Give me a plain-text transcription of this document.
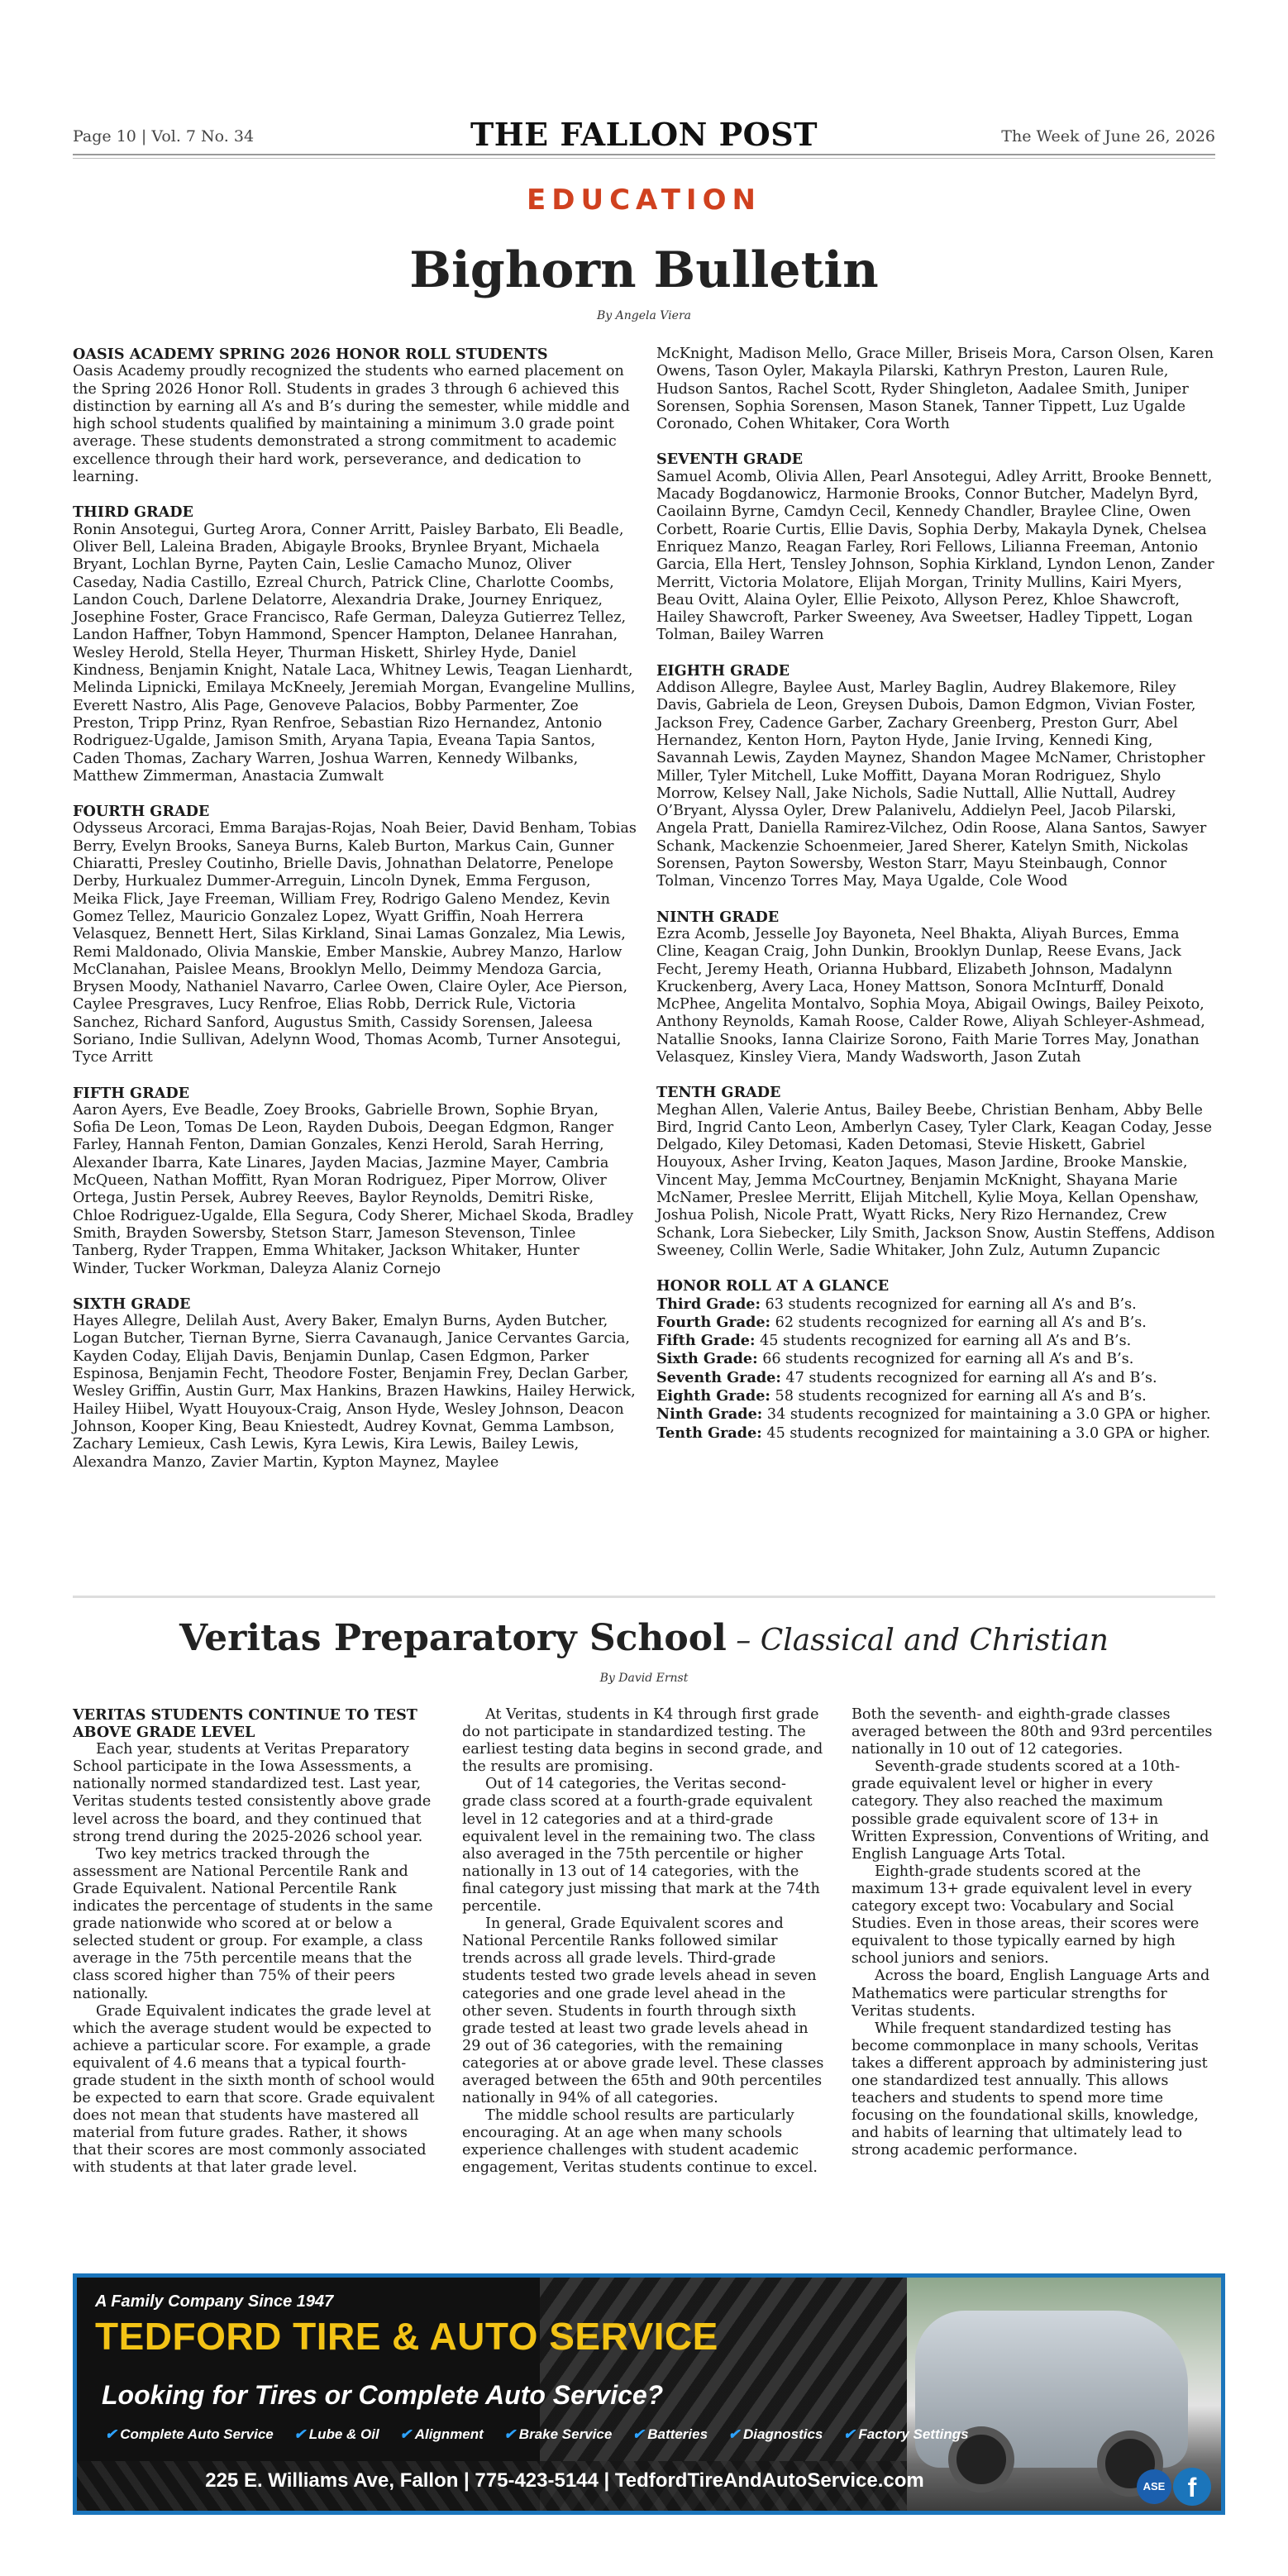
Page 10 | Vol. 7 No. 34	THE FALLON POST	The Week of June 26, 2026
EDUCATION
Bighorn Bulletin
By Angela Viera
OASIS ACADEMY SPRING 2026 HONOR ROLL STUDENTS

Oasis Academy proudly recognized the students who earned placement on the Spring 2026 Honor Roll. Students in grades 3 through 6 achieved this distinction by earning all A’s and B’s during the semester, while middle and high school students qualified by maintaining a minimum 3.0 grade point average. These students demonstrated a strong commitment to academic excellence through their hard work, perseverance, and dedication to learning.

THIRD GRADE

Ronin Ansotegui, Gurteg Arora, Conner Arritt, Paisley Barbato, Eli Beadle, Oliver Bell, Laleina Braden, Abigayle Brooks, Brynlee Bryant, Michaela Bryant, Lochlan Byrne, Payten Cain, Leslie Camacho Munoz, Oliver Caseday, Nadia Castillo, Ezreal Church, Patrick Cline, Charlotte Coombs, Landon Couch, Darlene Delatorre, Alexandria Drake, Journey Enriquez, Josephine Foster, Grace Francisco, Rafe German, Daleyza Gutierrez Tellez, Landon Haffner, Tobyn Hammond, Spencer Hampton, Delanee Hanrahan, Wesley Herold, Stella Heyer, Thurman Hiskett, Shirley Hyde, Daniel Kindness, Benjamin Knight, Natale Laca, Whitney Lewis, Teagan Lienhardt, Melinda Lipnicki, Emilaya McKneely, Jeremiah Morgan, Evangeline Mullins, Everett Nastro, Alis Page, Genoveve Palacios, Bobby Parmenter, Zoe Preston, Tripp Prinz, Ryan Renfroe, Sebastian Rizo Hernandez, Antonio Rodriguez-Ugalde, Jamison Smith, Aryana Tapia, Eveana Tapia Santos, Caden Thomas, Zachary Warren, Joshua Warren, Kennedy Wilbanks, Matthew Zimmerman, Anastacia Zumwalt

FOURTH GRADE

Odysseus Arcoraci, Emma Barajas-Rojas, Noah Beier, David Benham, Tobias Berry, Evelyn Brooks, Saneya Burns, Kaleb Burton, Markus Cain, Gunner Chiaratti, Presley Coutinho, Brielle Davis, Johnathan Delatorre, Penelope Derby, Hurkualez Dummer-Arreguin, Lincoln Dynek, Emma Ferguson, Meika Flick, Jaye Freeman, William Frey, Rodrigo Galeno Mendez, Kevin Gomez Tellez, Mauricio Gonzalez Lopez, Wyatt Griffin, Noah Herrera Velasquez, Bennett Hert, Silas Kirkland, Sinai Lamas Gonzalez, Mia Lewis, Remi Maldonado, Olivia Manskie, Ember Manskie, Aubrey Manzo, Harlow McClanahan, Paislee Means, Brooklyn Mello, Deimmy Mendoza Garcia, Brysen Moody, Nathaniel Navarro, Carlee Owen, Claire Oyler, Ace Pierson, Caylee Presgraves, Lucy Renfroe, Elias Robb, Derrick Rule, Victoria Sanchez, Richard Sanford, Augustus Smith, Cassidy Sorensen, Jaleesa Soriano, Indie Sullivan, Adelynn Wood, Thomas Acomb, Turner Ansotegui, Tyce Arritt

FIFTH GRADE

Aaron Ayers, Eve Beadle, Zoey Brooks, Gabrielle Brown, Sophie Bryan, Sofia De Leon, Tomas De Leon, Rayden Dubois, Deegan Edgmon, Ranger Farley, Hannah Fenton, Damian Gonzales, Kenzi Herold, Sarah Herring, Alexander Ibarra, Kate Linares, Jayden Macias, Jazmine Mayer, Cambria McQueen, Nathan Moffitt, Ryan Moran Rodriguez, Piper Morrow, Oliver Ortega, Justin Persek, Aubrey Reeves, Baylor Reynolds, Demitri Riske, Chloe Rodriguez-Ugalde, Ella Segura, Cody Sherer, Michael Skoda, Bradley Smith, Brayden Sowersby, Stetson Starr, Jameson Stevenson, Tinlee Tanberg, Ryder Trappen, Emma Whitaker, Jackson Whitaker, Hunter Winder, Tucker Workman, Daleyza Alaniz Cornejo

SIXTH GRADE

Hayes Allegre, Delilah Aust, Avery Baker, Emalyn Burns, Ayden Butcher, Logan Butcher, Tiernan Byrne, Sierra Cavanaugh, Janice Cervantes Garcia, Kayden Coday, Elijah Davis, Benjamin Dunlap, Casen Edgmon, Parker Espinosa, Benjamin Fecht, Theodore Foster, Benjamin Frey, Declan Garber, Wesley Griffin, Austin Gurr, Max Hankins, Brazen Hawkins, Hailey Herwick, Hailey Hiibel, Wyatt Houyoux-Craig, Anson Hyde, Wesley Johnson, Deacon Johnson, Kooper King, Beau Kniestedt, Audrey Kovnat, Gemma Lambson, Zachary Lemieux, Cash Lewis, Kyra Lewis, Kira Lewis, Bailey Lewis, Alexandra Manzo, Zavier Martin, Kypton Maynez, Maylee

McKnight, Madison Mello, Grace Miller, Briseis Mora, Carson Olsen, Karen Owens, Tason Oyler, Makayla Pilarski, Kathryn Preston, Lauren Rule, Hudson Santos, Rachel Scott, Ryder Shingleton, Aadalee Smith, Juniper Sorensen, Sophia Sorensen, Mason Stanek, Tanner Tippett, Luz Ugalde Coronado, Cohen Whitaker, Cora Worth

SEVENTH GRADE

Samuel Acomb, Olivia Allen, Pearl Ansotegui, Adley Arritt, Brooke Bennett, Macady Bogdanowicz, Harmonie Brooks, Connor Butcher, Madelyn Byrd, Caoilainn Byrne, Camdyn Cecil, Kennedy Chandler, Braylee Cline, Owen Corbett, Roarie Curtis, Ellie Davis, Sophia Derby, Makayla Dynek, Chelsea Enriquez Manzo, Reagan Farley, Rori Fellows, Lilianna Freeman, Antonio Garcia, Ella Hert, Tensley Johnson, Sophia Kirkland, Lyndon Lenon, Zander Merritt, Victoria Molatore, Elijah Morgan, Trinity Mullins, Kairi Myers, Beau Ovitt, Alaina Oyler, Ellie Peixoto, Allyson Perez, Khloe Shawcroft, Hailey Shawcroft, Parker Sweeney, Ava Sweetser, Hadley Tippett, Logan Tolman, Bailey Warren

EIGHTH GRADE

Addison Allegre, Baylee Aust, Marley Baglin, Audrey Blakemore, Riley Davis, Gabriela de Leon, Greysen Dubois, Damon Edgmon, Vivian Foster, Jackson Frey, Cadence Garber, Zachary Greenberg, Preston Gurr, Abel Hernandez, Kenton Horn, Payton Hyde, Janie Irving, Kennedi King, Savannah Lewis, Zayden Maynez, Shandon Magee McNamer, Christopher Miller, Tyler Mitchell, Luke Moffitt, Dayana Moran Rodriguez, Shylo Morrow, Kelsey Nall, Jake Nichols, Sadie Nuttall, Allie Nuttall, Audrey O’Bryant, Alyssa Oyler, Drew Palanivelu, Addielyn Peel, Jacob Pilarski, Angela Pratt, Daniella Ramirez-Vilchez, Odin Roose, Alana Santos, Sawyer Schank, Mackenzie Schoenmeier, Jared Sherer, Katelyn Smith, Nickolas Sorensen, Payton Sowersby, Weston Starr, Mayu Steinbaugh, Connor Tolman, Vincenzo Torres May, Maya Ugalde, Cole Wood

NINTH GRADE

Ezra Acomb, Jesselle Joy Bayoneta, Neel Bhakta, Aliyah Burces, Emma Cline, Keagan Craig, John Dunkin, Brooklyn Dunlap, Reese Evans, Jack Fecht, Jeremy Heath, Orianna Hubbard, Elizabeth Johnson, Madalynn Kruckenberg, Avery Laca, Honey Mattson, Sonora McInturff, Donald McPhee, Angelita Montalvo, Sophia Moya, Abigail Owings, Bailey Peixoto, Anthony Reynolds, Kamah Roose, Calder Rowe, Aliyah Schleyer-Ashmead, Natallie Snooks, Ianna Clairize Sorono, Faith Marie Torres May, Jonathan Velasquez, Kinsley Viera, Mandy Wadsworth, Jason Zutah

TENTH GRADE

Meghan Allen, Valerie Antus, Bailey Beebe, Christian Benham, Abby Belle Bird, Ingrid Canto Leon, Amberlyn Casey, Tyler Clark, Keagan Coday, Jesse Delgado, Kiley Detomasi, Kaden Detomasi, Stevie Hiskett, Gabriel Houyoux, Asher Irving, Keaton Jaques, Mason Jardine, Brooke Manskie, Vincent May, Jemma McCourtney, Benjamin McKnight, Shayana Marie McNamer, Preslee Merritt, Elijah Mitchell, Kylie Moya, Kellan Openshaw, Joshua Polish, Nicole Pratt, Wyatt Ricks, Nery Rizo Hernandez, Crew Schank, Lora Siebecker, Lily Smith, Jackson Snow, Austin Steffens, Addison Sweeney, Collin Werle, Sadie Whitaker, John Zulz, Autumn Zupancic

HONOR ROLL AT A GLANCE
Third Grade: 63 students recognized for earning all A’s and B’s.
Fourth Grade: 62 students recognized for earning all A’s and B’s.
Fifth Grade: 45 students recognized for earning all A’s and B’s.
Sixth Grade: 66 students recognized for earning all A’s and B’s.
Seventh Grade: 47 students recognized for earning all A’s and B’s.
Eighth Grade: 58 students recognized for earning all A’s and B’s.
Ninth Grade: 34 students recognized for maintaining a 3.0 GPA or higher.
Tenth Grade: 45 students recognized for maintaining a 3.0 GPA or higher.
Veritas Preparatory School – Classical and Christian
By David Ernst
VERITAS STUDENTS CONTINUE TO TEST ABOVE GRADE LEVEL

Each year, students at Veritas Preparatory School participate in the Iowa Assessments, a nationally normed standardized test. Last year, Veritas students tested consistently above grade level across the board, and they continued that strong trend during the 2025-2026 school year.

Two key metrics tracked through the assessment are National Percentile Rank and Grade Equivalent. National Percentile Rank indicates the percentage of students in the same grade nationwide who scored at or below a selected student or group. For example, a class average in the 75th percentile means that the class scored higher than 75% of their peers nationally.

Grade Equivalent indicates the grade level at which the average student would be expected to achieve a particular score. For example, a grade equivalent of 4.6 means that a typical fourth-grade student in the sixth month of school would be expected to earn that score. Grade equivalent does not mean that students have mastered all material from future grades. Rather, it shows that their scores are most commonly associated with students at that later grade level.

At Veritas, students in K4 through first grade do not participate in standardized testing. The earliest testing data begins in second grade, and the results are promising.

Out of 14 categories, the Veritas second-grade class scored at a fourth-grade equivalent level in 12 categories and at a third-grade equivalent level in the remaining two. The class also averaged in the 75th percentile or higher nationally in 13 out of 14 categories, with the final category just missing that mark at the 74th percentile.

In general, Grade Equivalent scores and National Percentile Ranks followed similar trends across all grade levels. Third-grade students tested two grade levels ahead in seven categories and one grade level ahead in the other seven. Students in fourth through sixth grade tested at least two grade levels ahead in 29 out of 36 categories, with the remaining categories at or above grade level. These classes averaged between the 65th and 90th percentiles nationally in 94% of all categories.

The middle school results are particularly encouraging. At an age when many schools experience challenges with student academic engagement, Veritas students continue to excel.

Both the seventh- and eighth-grade classes averaged between the 80th and 93rd percentiles nationally in 10 out of 12 categories.

Seventh-grade students scored at a 10th-grade equivalent level or higher in every category. They also reached the maximum possible grade equivalent score of 13+ in Written Expression, Conventions of Writing, and English Language Arts Total.

Eighth-grade students scored at the maximum 13+ grade equivalent level in every category except two: Vocabulary and Social Studies. Even in those areas, their scores were equivalent to those typically earned by high school juniors and seniors.

Across the board, English Language Arts and Mathematics were particular strengths for Veritas students.

While frequent standardized testing has become commonplace in many schools, Veritas takes a different approach by administering just one standardized test annually. This allows teachers and students to spend more time focusing on the foundational skills, knowledge, and habits of learning that ultimately lead to strong academic performance.

A Family Company Since 1947
TEDFORD TIRE & AUTO SERVICE
Looking for Tires or Complete Auto Service?
✔ Complete Auto Service ✔ Lube & Oil ✔ Alignment ✔ Brake Service ✔ Batteries ✔ Diagnostics ✔ Factory Settings
225 E. Williams Ave, Fallon | 775-423-5144 | TedfordTireAndAutoService.com	ASE f
